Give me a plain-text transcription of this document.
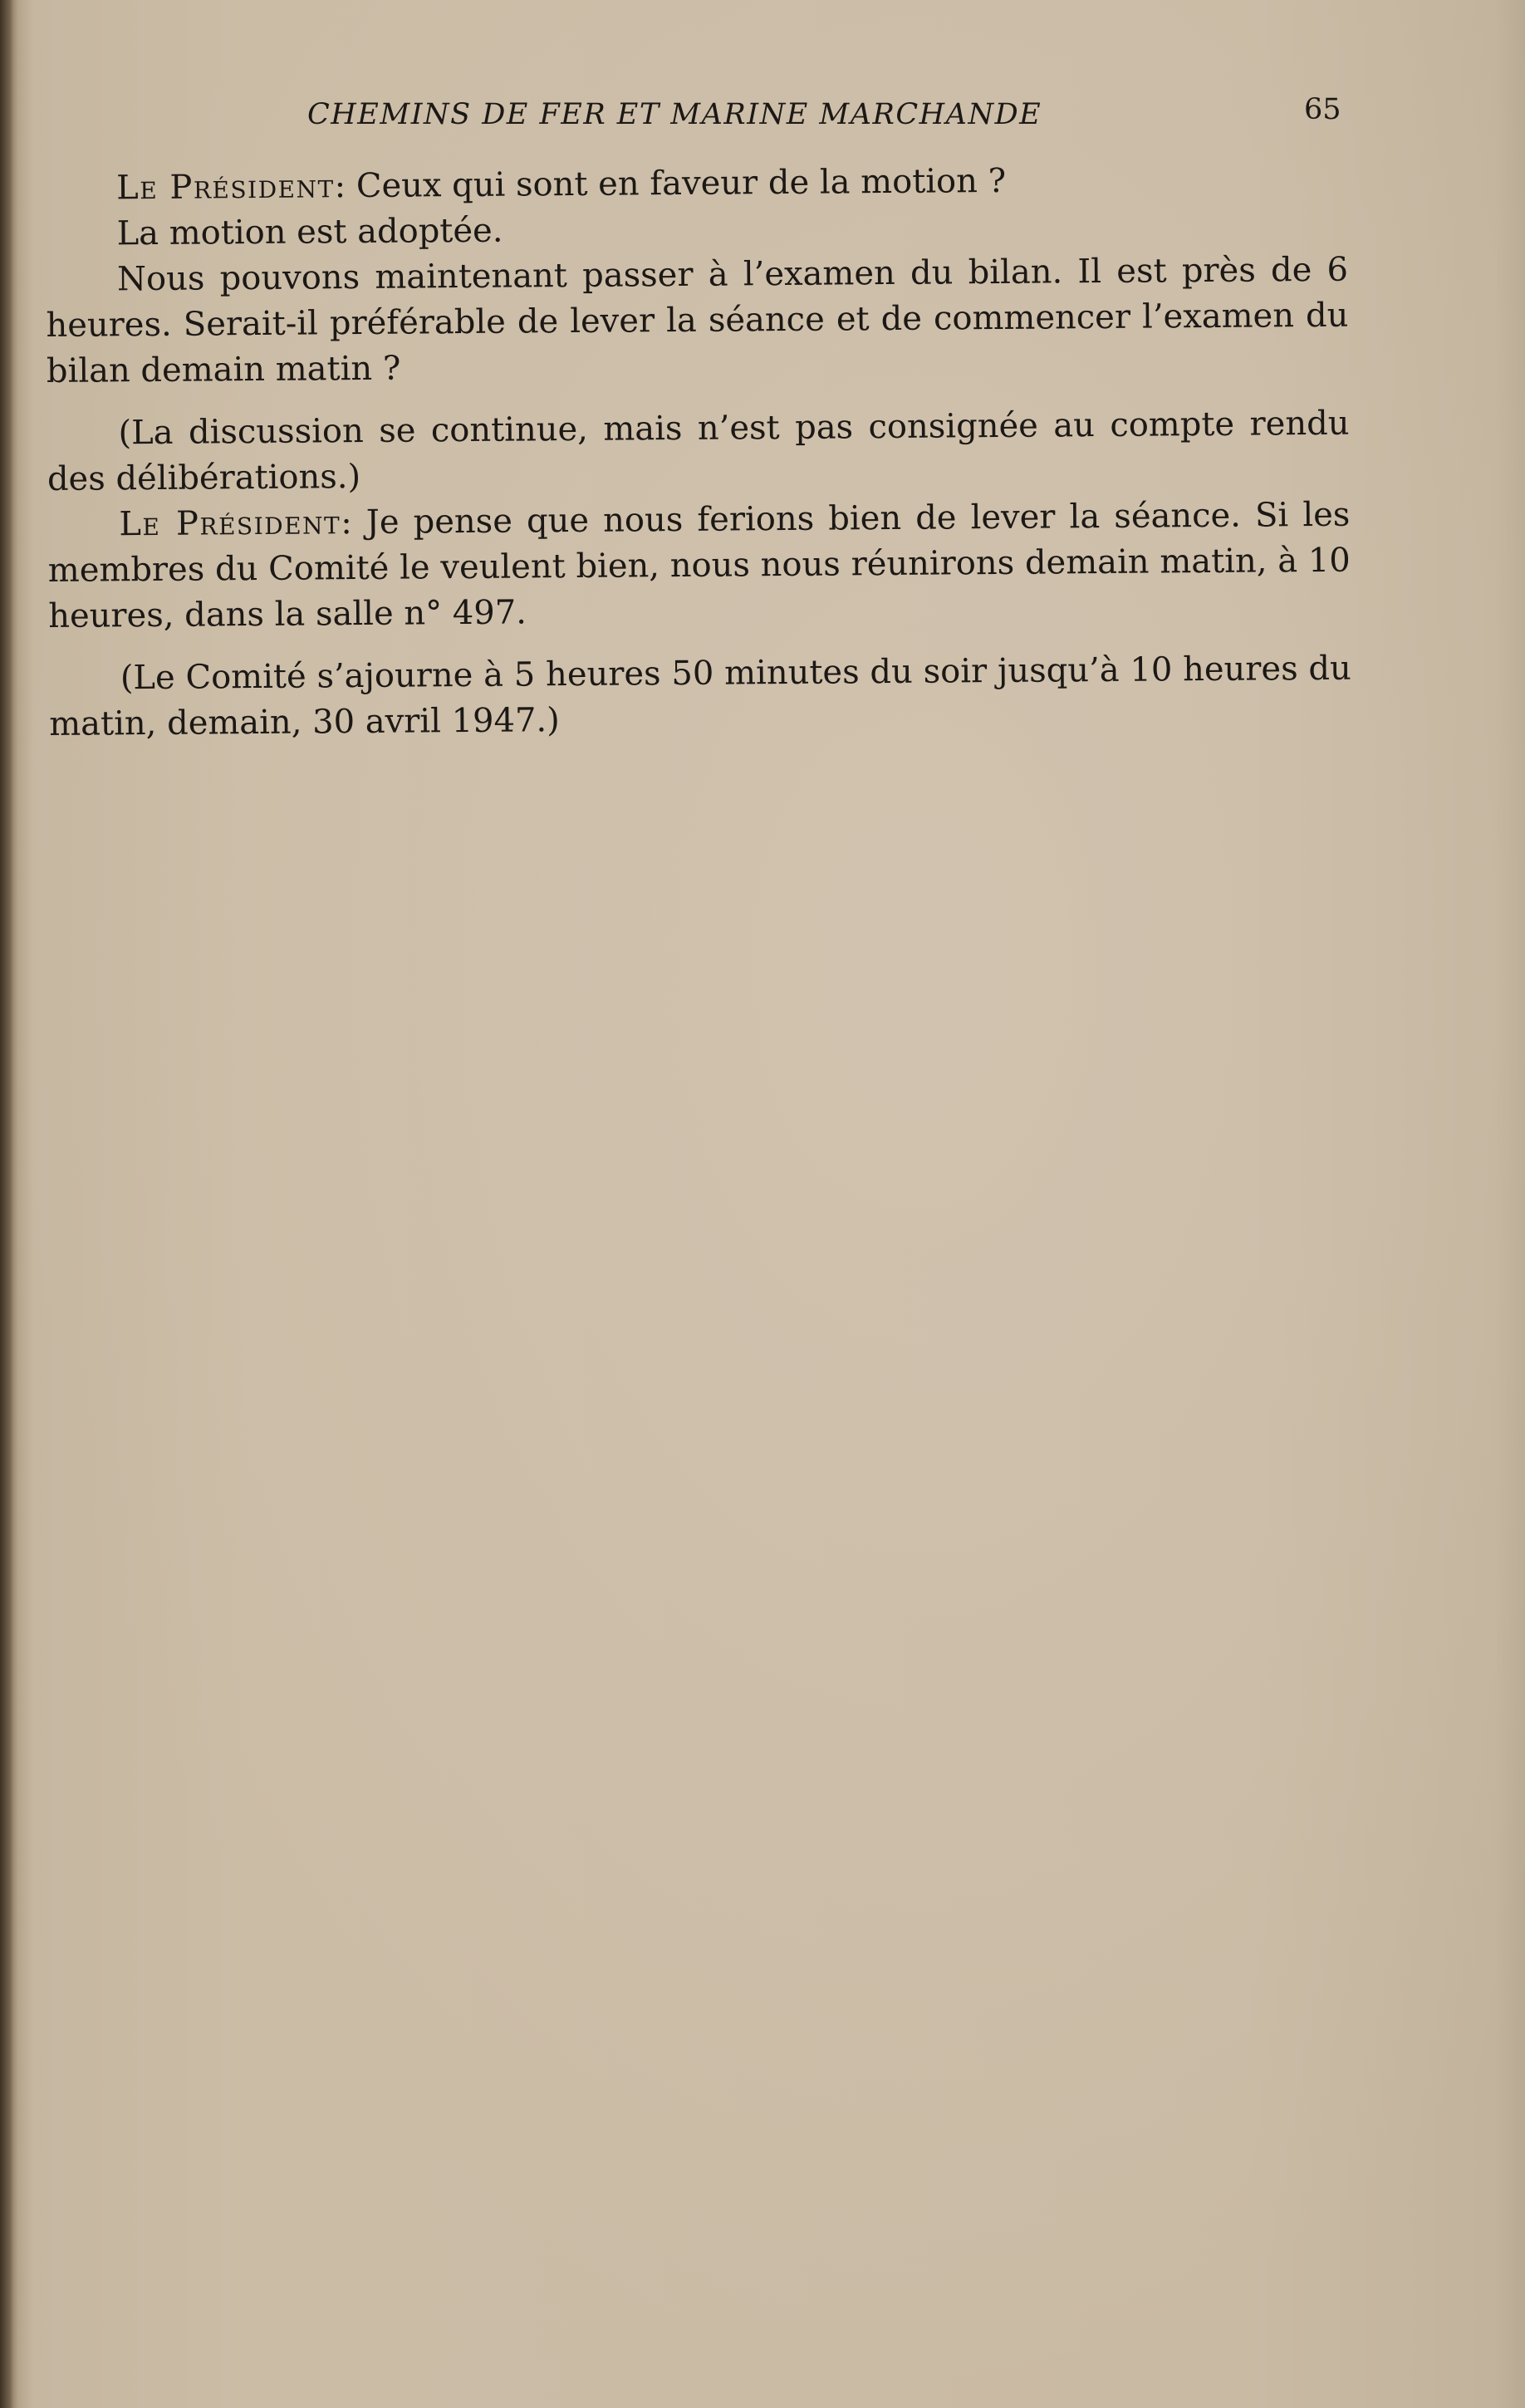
CHEMINS DE FER ET MARINE MARCHANDE	65

Le Président: Ceux qui sont en faveur de la motion ?

La motion est adoptée.

Nous pouvons maintenant passer à l’examen du bilan. Il est près de 6 heures. Serait-il préférable de lever la séance et de commencer l’examen du bilan demain matin ?

(La discussion se continue, mais n’est pas consignée au compte rendu des délibérations.)

Le Président: Je pense que nous ferions bien de lever la séance. Si les membres du Comité le veulent bien, nous nous réunirons demain matin, à 10 heures, dans la salle n° 497.

(Le Comité s’ajourne à 5 heures 50 minutes du soir jusqu’à 10 heures du matin, demain, 30 avril 1947.)
